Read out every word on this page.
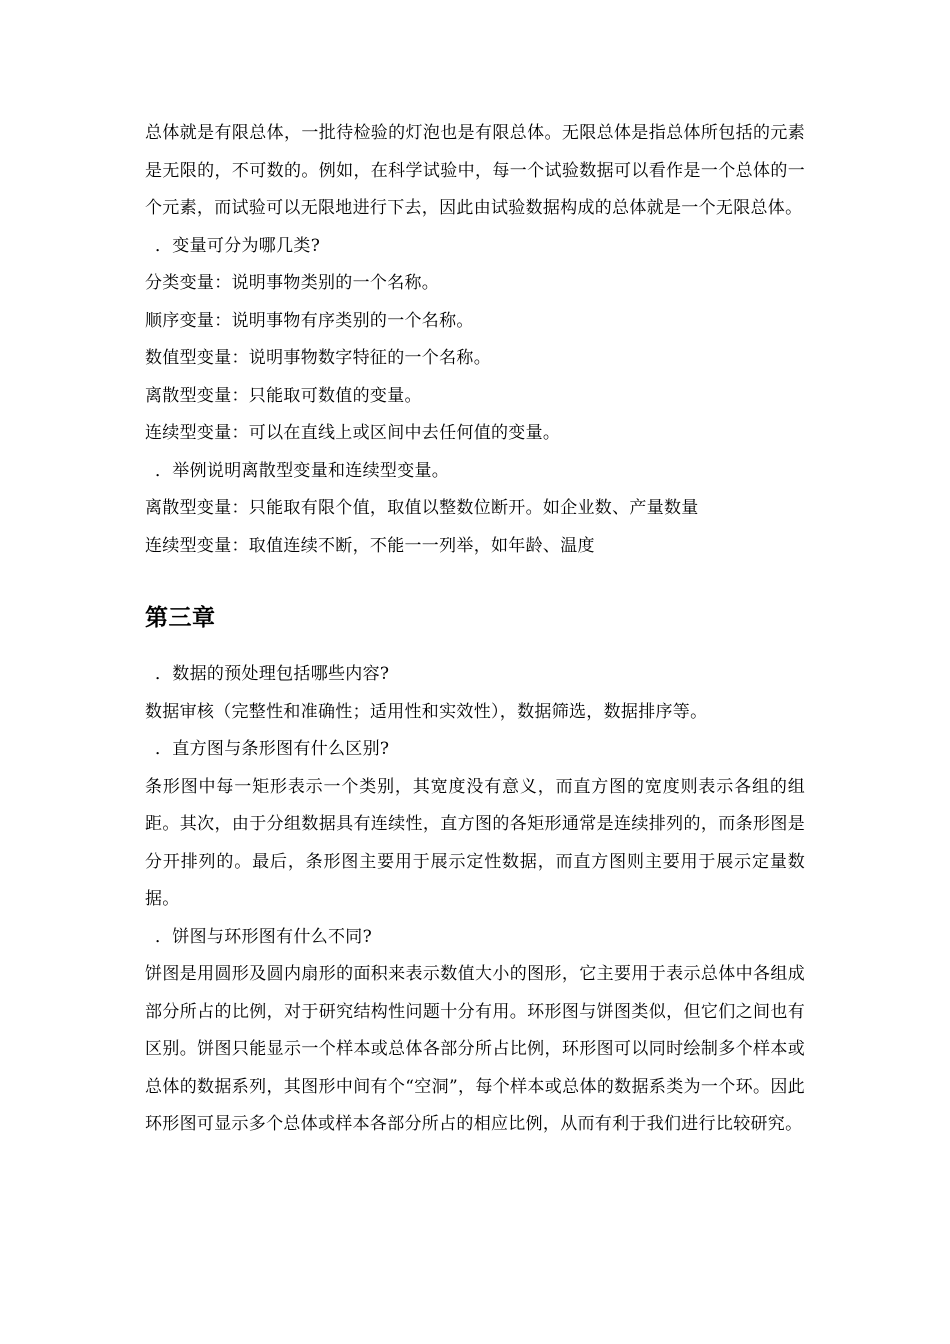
总体就是有限总体，一批待检验的灯泡也是有限总体。无限总体是指总体所包括的元素是无限的，不可数的。例如，在科学试验中，每一个试验数据可以看作是一个总体的一个元素，而试验可以无限地进行下去，因此由试验数据构成的总体就是一个无限总体。

．变量可分为哪几类?

分类变量：说明事物类别的一个名称。

顺序变量：说明事物有序类别的一个名称。

数值型变量：说明事物数字特征的一个名称。

离散型变量：只能取可数值的变量。

连续型变量：可以在直线上或区间中去任何值的变量。

．举例说明离散型变量和连续型变量。

离散型变量：只能取有限个值，取值以整数位断开。如企业数、产量数量

连续型变量：取值连续不断，不能一一列举，如年龄、温度

第三章

．数据的预处理包括哪些内容?

数据审核（完整性和准确性；适用性和实效性），数据筛选，数据排序等。

．直方图与条形图有什么区别?

条形图中每一矩形表示一个类别，其宽度没有意义，而直方图的宽度则表示各组的组距。其次，由于分组数据具有连续性，直方图的各矩形通常是连续排列的，而条形图是分开排列的。最后，条形图主要用于展示定性数据，而直方图则主要用于展示定量数据。

．饼图与环形图有什么不同?

饼图是用圆形及圆内扇形的面积来表示数值大小的图形，它主要用于表示总体中各组成部分所占的比例，对于研究结构性问题十分有用。环形图与饼图类似，但它们之间也有区别。饼图只能显示一个样本或总体各部分所占比例，环形图可以同时绘制多个样本或总体的数据系列，其图形中间有个“空洞”，每个样本或总体的数据系类为一个环。因此环形图可显示多个总体或样本各部分所占的相应比例，从而有利于我们进行比较研究。
